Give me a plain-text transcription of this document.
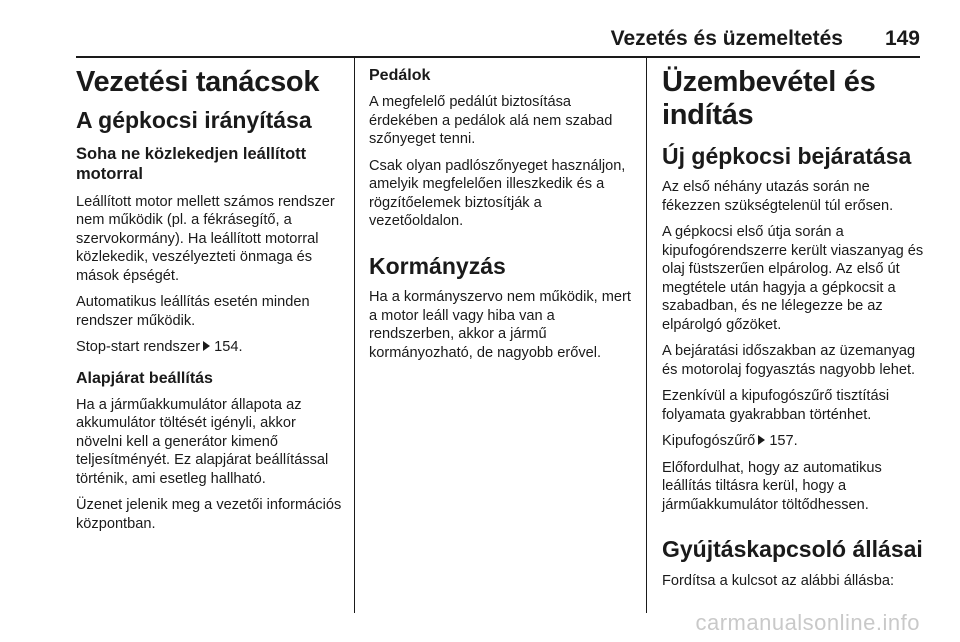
Vezetés és üzemeltetés 149
Vezetési tanácsok
A gépkocsi irányítása
Soha ne közlekedjen leállított motorral

Leállított motor mellett számos rendszer nem működik (pl. a fékrásegítő, a szervokormány). Ha leállított motorral közlekedik, veszélyezteti önmaga és mások épségét.

Automatikus leállítás esetén minden rendszer működik.

Stop-start rendszer 154.

Alapjárat beállítás

Ha a járműakkumulátor állapota az akkumulátor töltését igényli, akkor növelni kell a generátor kimenő teljesítményét. Ez alapjárat beállítással történik, ami esetleg hallható.

Üzenet jelenik meg a vezetői információs központban.

Pedálok

A megfelelő pedálút biztosítása érdekében a pedálok alá nem szabad szőnyeget tenni.

Csak olyan padlószőnyeget használjon, amelyik megfelelően illeszkedik és a rögzítőelemek biztosítják a vezetőoldalon.

Kormányzás

Ha a kormányszervo nem működik, mert a motor leáll vagy hiba van a rendszerben, akkor a jármű kormányozható, de nagyobb erővel.

Üzembevétel és indítás
Új gépkocsi bejáratása

Az első néhány utazás során ne fékezzen szükségtelenül túl erősen.

A gépkocsi első útja során a kipufogórendszerre került viaszanyag és olaj füstszerűen elpárolog. Az első út megtétele után hagyja a gépkocsit a szabadban, és ne lélegezze be az elpárolgó gőzöket.

A bejáratási időszakban az üzemanyag és motorolaj fogyasztás nagyobb lehet.

Ezenkívül a kipufogószűrő tisztítási folyamata gyakrabban történhet.

Kipufogószűrő 157.

Előfordulhat, hogy az automatikus leállítás tiltásra kerül, hogy a járműakkumulátor töltődhessen.

Gyújtáskapcsoló állásai

Fordítsa a kulcsot az alábbi állásba:

carmanualsonline.info
